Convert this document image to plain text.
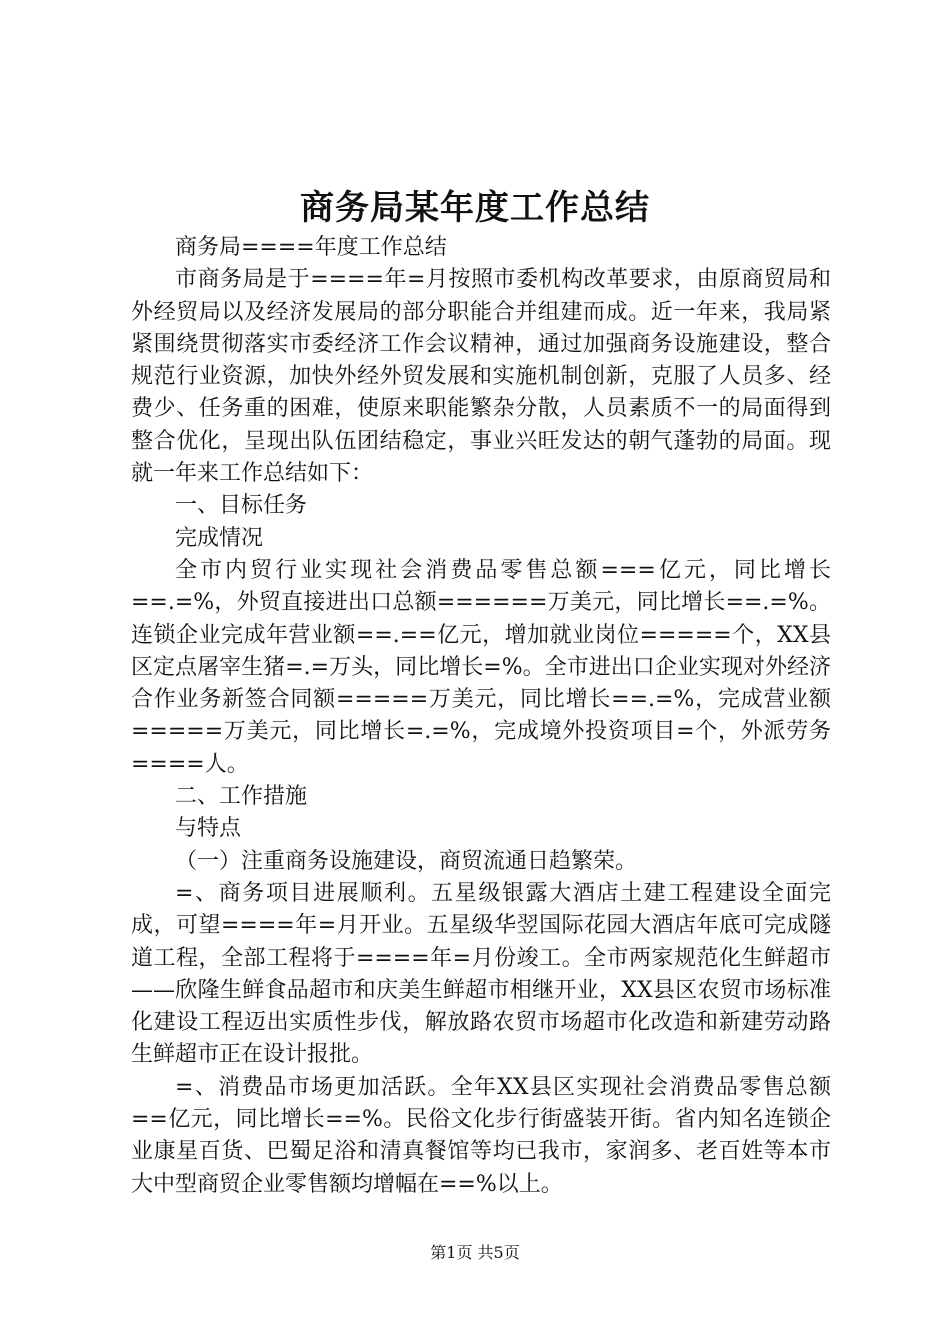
商务局某年度工作总结

商务局====年度工作总结

市商务局是于====年=月按照市委机构改革要求，由原商贸局和外经贸局以及经济发展局的部分职能合并组建而成。近一年来，我局紧紧围绕贯彻落实市委经济工作会议精神，通过加强商务设施建设，整合规范行业资源，加快外经外贸发展和实施机制创新，克服了人员多、经费少、任务重的困难，使原来职能繁杂分散，人员素质不一的局面得到整合优化，呈现出队伍团结稳定，事业兴旺发达的朝气蓬勃的局面。现就一年来工作总结如下：

一、目标任务

完成情况

全市内贸行业实现社会消费品零售总额===亿元，同比增长==.=%，外贸直接进出口总额======万美元，同比增长==.=%。连锁企业完成年营业额==.==亿元，增加就业岗位=====个，XX县区定点屠宰生猪=.=万头，同比增长=%。全市进出口企业实现对外经济合作业务新签合同额=====万美元，同比增长==.=%，完成营业额=====万美元，同比增长=.=%，完成境外投资项目=个，外派劳务====人。

二、工作措施

与特点

（一）注重商务设施建设，商贸流通日趋繁荣。

=、商务项目进展顺利。五星级银露大酒店土建工程建设全面完成，可望====年=月开业。五星级华翌国际花园大酒店年底可完成隧道工程，全部工程将于====年=月份竣工。全市两家规范化生鲜超市——欣隆生鲜食品超市和庆美生鲜超市相继开业，XX县区农贸市场标准化建设工程迈出实质性步伐，解放路农贸市场超市化改造和新建劳动路生鲜超市正在设计报批。

=、消费品市场更加活跃。全年XX县区实现社会消费品零售总额==亿元，同比增长==%。民俗文化步行街盛装开街。省内知名连锁企业康星百货、巴蜀足浴和清真餐馆等均已我市，家润多、老百姓等本市大中型商贸企业零售额均增幅在==%以上。

第1页 共5页
